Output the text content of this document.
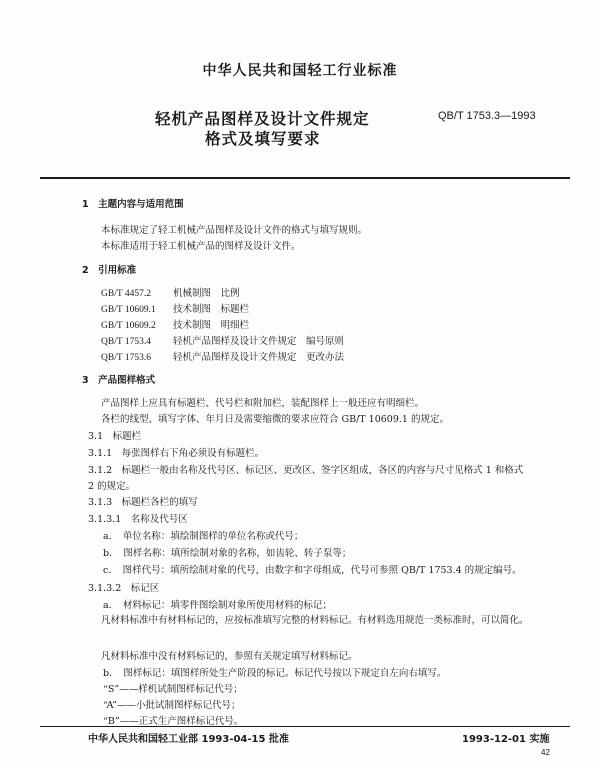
中华人民共和国轻工行业标准
轻机产品图样及设计文件规定
格式及填写要求
QB/T 1753.3—1993
1　主题内容与适用范围
本标准规定了轻工机械产品图样及设计文件的格式与填写规则。
本标准适用于轻工机械产品的图样及设计文件。
2　引用标准
GB/T 4457.2 机械制图　比例
GB/T 10609.1 技术制图　标题栏
GB/T 10609.2 技术制图　明细栏
QB/T 1753.4 轻机产品图样及设计文件规定　编号原则
QB/T 1753.6 轻机产品图样及设计文件规定　更改办法
3　产品图样格式
产品图样上应具有标题栏、代号栏和附加栏，装配图样上一般还应有明细栏。
各栏的线型、填写字体、年月日及需要缩微的要求应符合 GB/T 10609.1 的规定。
3.1　标题栏
3.1.1　每张图样右下角必须设有标题栏。
3.1.2　标题栏一般由名称及代号区、标记区、更改区、签字区组成，各区的内容与尺寸见格式 1 和格式
2 的规定。
3.1.3　标题栏各栏的填写
3.1.3.1　名称及代号区
a．　单位名称：填绘制图样的单位名称或代号；
b．　图样名称：填所绘制对象的名称，如齿轮、转子泵等；
c．　图样代号：填所绘制对象的代号，由数字和字母组成，代号可参照 QB/T 1753.4 的规定编号。
3.1.3.2　标记区
a．　材料标记：填零件图绘制对象所使用材料的标记；
凡材料标准中有材料标记的，应按标准填写完整的材料标记。有材料选用规范一类标准时，可以简化。
凡材料标准中没有材料标记的，参照有关规定填写材料标记。
b．　图样标记：填图样所处生产阶段的标记。标记代号按以下规定自左向右填写。
“S”——样机试制图样标记代号；
“A”——小批试制图样标记代号；
“B”——正式生产图样标记代号。
中华人民共和国轻工业部 1993-04-15 批准	1993-12-01 实施
42
